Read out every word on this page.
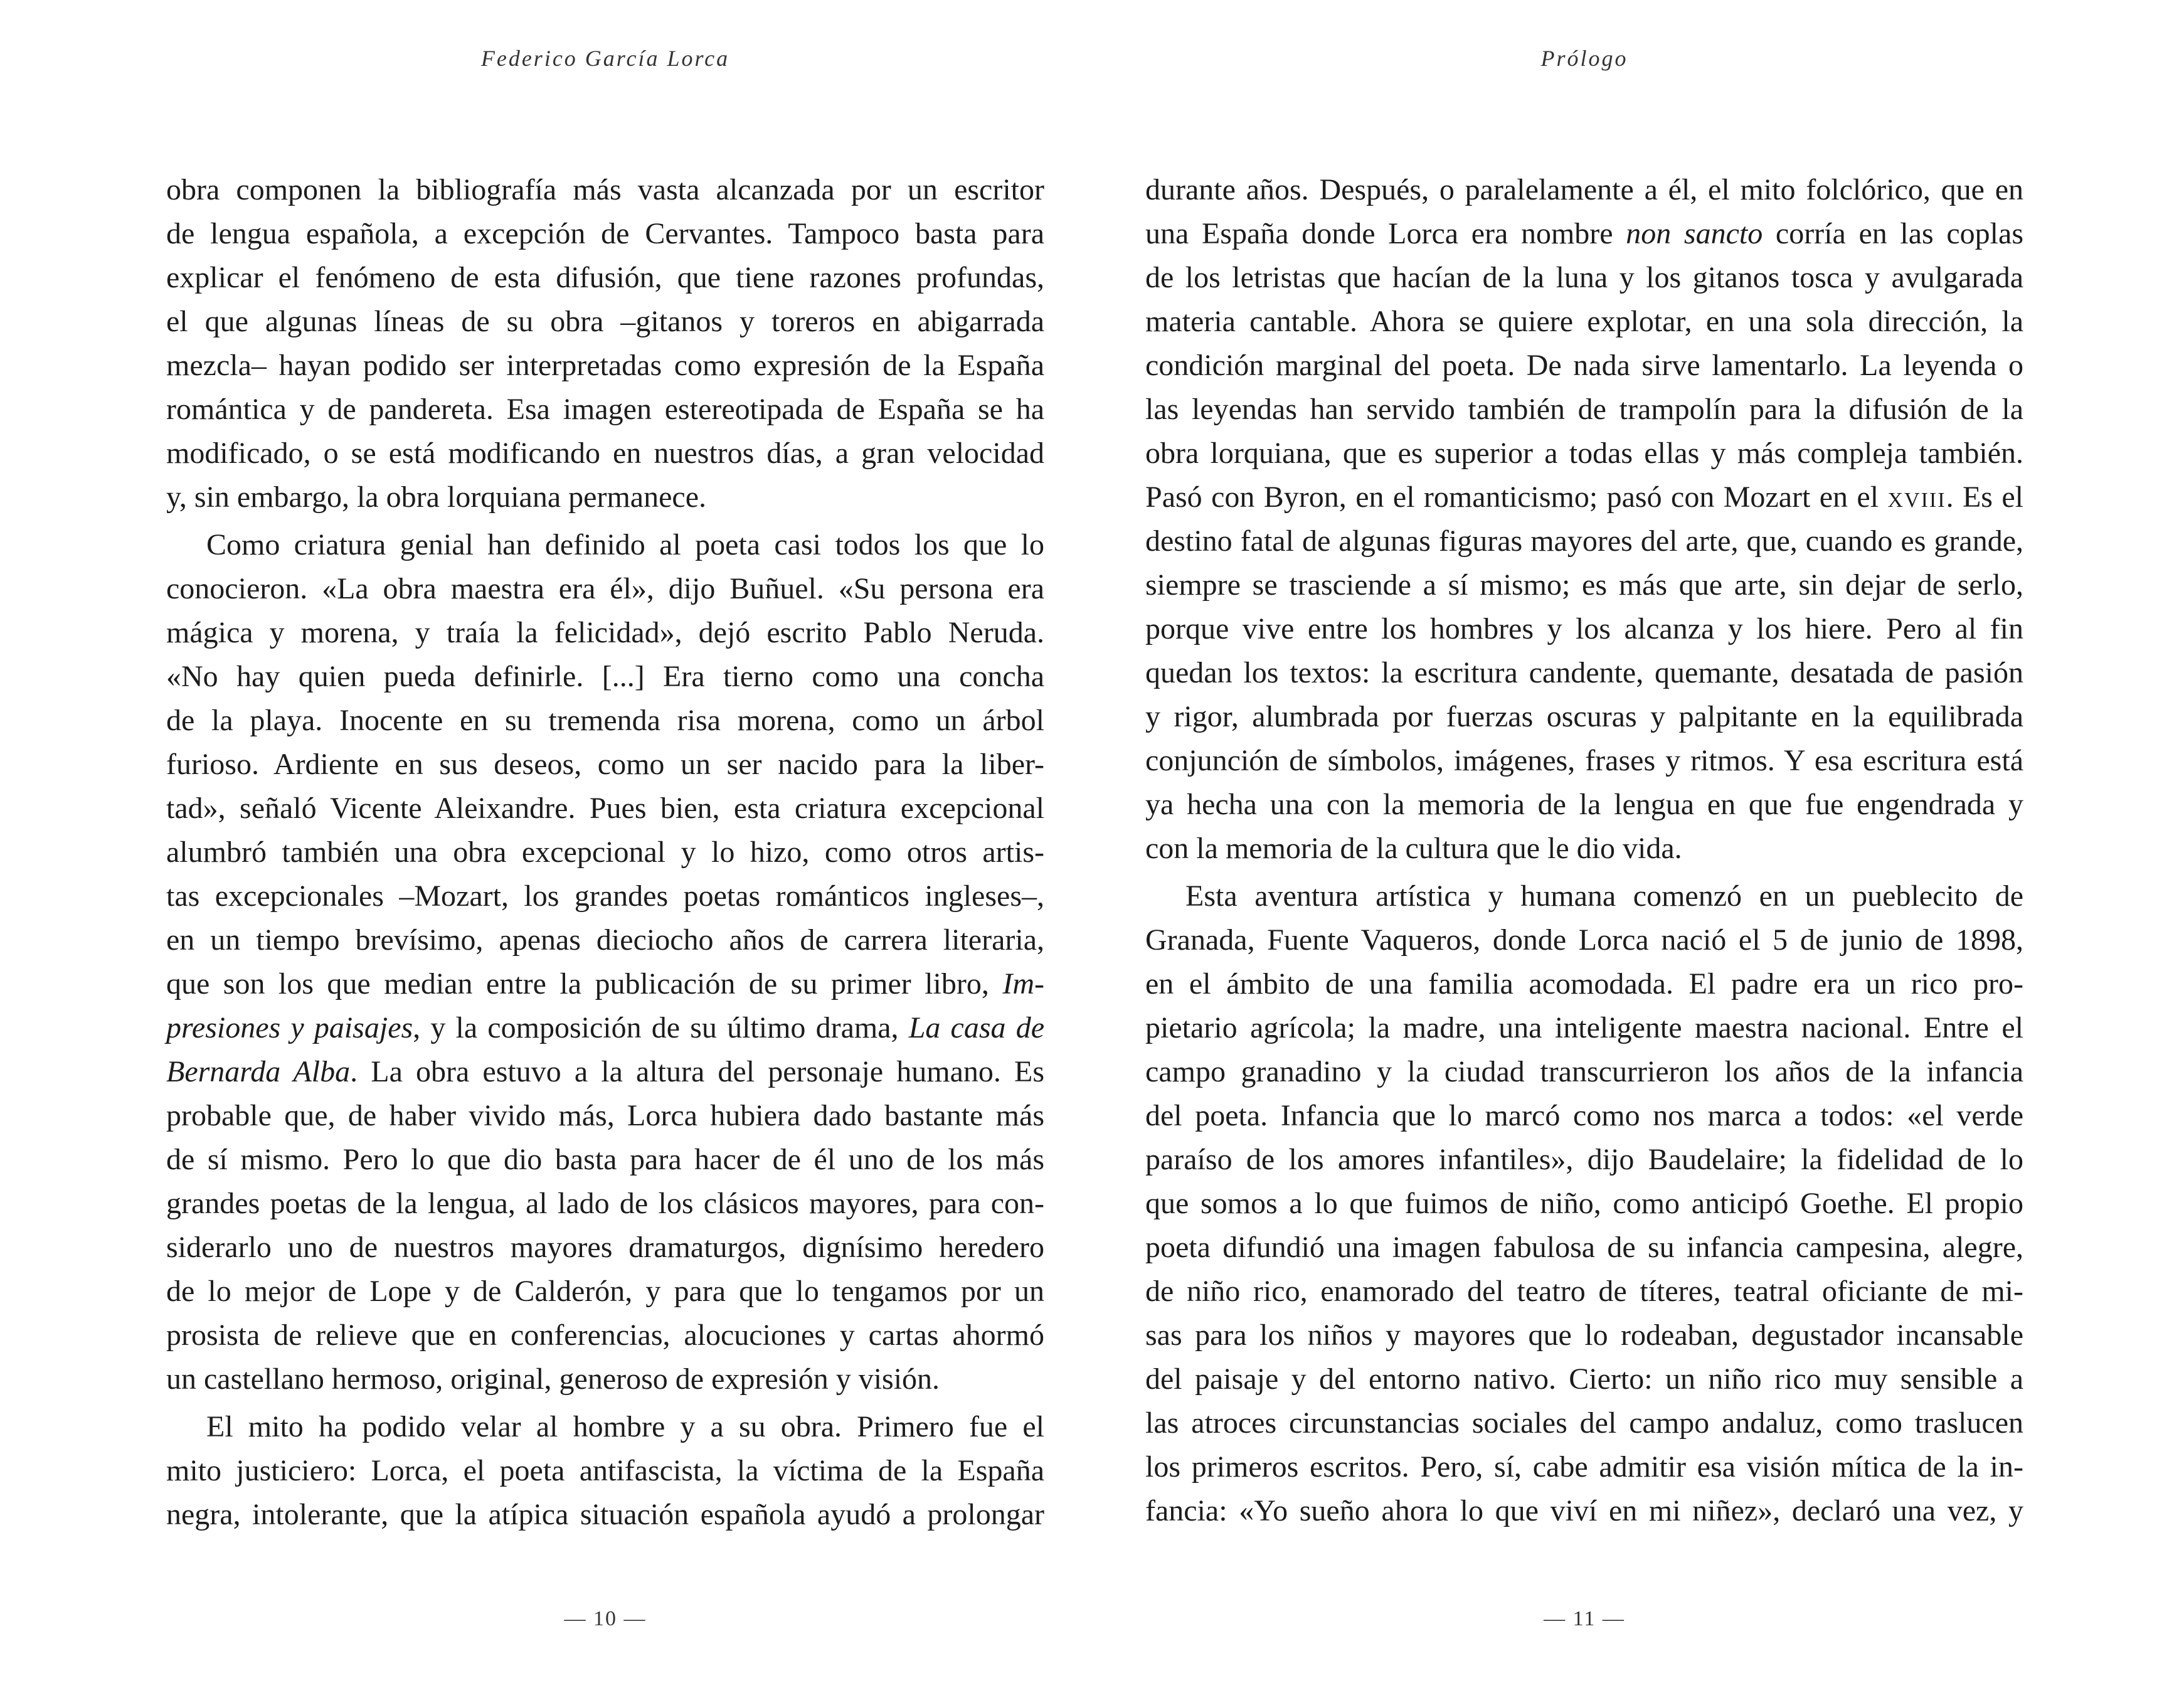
Federico García Lorca
obra componen la bibliografía más vasta alcanzada por un escritor
de lengua española, a excepción de Cervantes. Tampoco basta para
explicar el fenómeno de esta difusión, que tiene razones profundas,
el que algunas líneas de su obra –gitanos y toreros en abigarrada
mezcla– hayan podido ser interpretadas como expresión de la España
romántica y de pandereta. Esa imagen estereotipada de España se ha
modificado, o se está modificando en nuestros días, a gran velocidad
y, sin embargo, la obra lorquiana permanece.
Como criatura genial han definido al poeta casi todos los que lo
conocieron. «La obra maestra era él», dijo Buñuel. «Su persona era
mágica y morena, y traía la felicidad», dejó escrito Pablo Neruda.
«No hay quien pueda definirle. [...] Era tierno como una concha
de la playa. Inocente en su tremenda risa morena, como un árbol
furioso. Ardiente en sus deseos, como un ser nacido para la liber-
tad», señaló Vicente Aleixandre. Pues bien, esta criatura excepcional
alumbró también una obra excepcional y lo hizo, como otros artis-
tas excepcionales –Mozart, los grandes poetas románticos ingleses–,
en un tiempo brevísimo, apenas dieciocho años de carrera literaria,
que son los que median entre la publicación de su primer libro, Im-
presiones y paisajes, y la composición de su último drama, La casa de
Bernarda Alba. La obra estuvo a la altura del personaje humano. Es
probable que, de haber vivido más, Lorca hubiera dado bastante más
de sí mismo. Pero lo que dio basta para hacer de él uno de los más
grandes poetas de la lengua, al lado de los clásicos mayores, para con-
siderarlo uno de nuestros mayores dramaturgos, dignísimo heredero
de lo mejor de Lope y de Calderón, y para que lo tengamos por un
prosista de relieve que en conferencias, alocuciones y cartas ahormó
un castellano hermoso, original, generoso de expresión y visión.
El mito ha podido velar al hombre y a su obra. Primero fue el
mito justiciero: Lorca, el poeta antifascista, la víctima de la España
negra, intolerante, que la atípica situación española ayudó a prolongar
— 10 —
Prólogo
durante años. Después, o paralelamente a él, el mito folclórico, que en
una España donde Lorca era nombre non sancto corría en las coplas
de los letristas que hacían de la luna y los gitanos tosca y avulgarada
materia cantable. Ahora se quiere explotar, en una sola dirección, la
condición marginal del poeta. De nada sirve lamentarlo. La leyenda o
las leyendas han servido también de trampolín para la difusión de la
obra lorquiana, que es superior a todas ellas y más compleja también.
Pasó con Byron, en el romanticismo; pasó con Mozart en el xviii. Es el
destino fatal de algunas figuras mayores del arte, que, cuando es grande,
siempre se trasciende a sí mismo; es más que arte, sin dejar de serlo,
porque vive entre los hombres y los alcanza y los hiere. Pero al fin
quedan los textos: la escritura candente, quemante, desatada de pasión
y rigor, alumbrada por fuerzas oscuras y palpitante en la equilibrada
conjunción de símbolos, imágenes, frases y ritmos. Y esa escritura está
ya hecha una con la memoria de la lengua en que fue engendrada y
con la memoria de la cultura que le dio vida.
Esta aventura artística y humana comenzó en un pueblecito de
Granada, Fuente Vaqueros, donde Lorca nació el 5 de junio de 1898,
en el ámbito de una familia acomodada. El padre era un rico pro-
pietario agrícola; la madre, una inteligente maestra nacional. Entre el
campo granadino y la ciudad transcurrieron los años de la infancia
del poeta. Infancia que lo marcó como nos marca a todos: «el verde
paraíso de los amores infantiles», dijo Baudelaire; la fidelidad de lo
que somos a lo que fuimos de niño, como anticipó Goethe. El propio
poeta difundió una imagen fabulosa de su infancia campesina, alegre,
de niño rico, enamorado del teatro de títeres, teatral oficiante de mi-
sas para los niños y mayores que lo rodeaban, degustador incansable
del paisaje y del entorno nativo. Cierto: un niño rico muy sensible a
las atroces circunstancias sociales del campo andaluz, como traslucen
los primeros escritos. Pero, sí, cabe admitir esa visión mítica de la in-
fancia: «Yo sueño ahora lo que viví en mi niñez», declaró una vez, y
— 11 —
